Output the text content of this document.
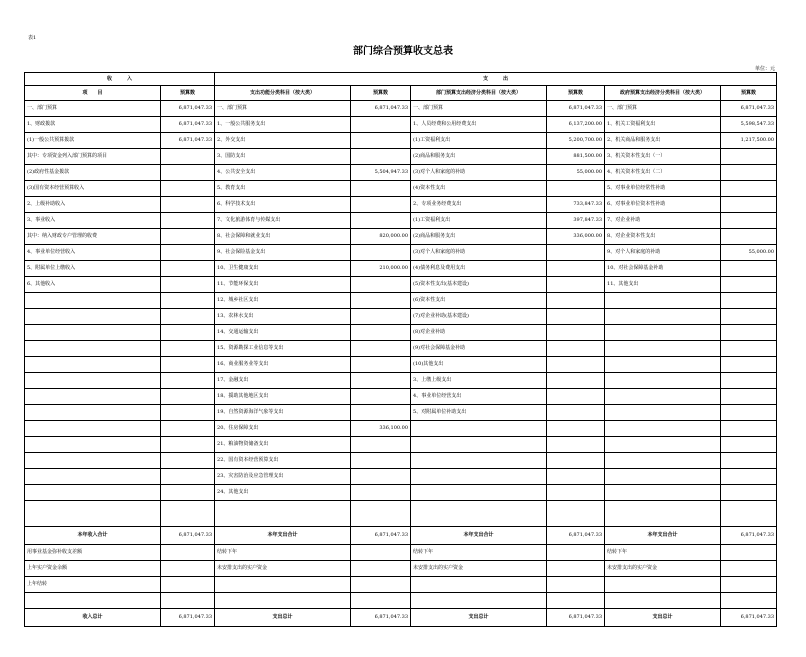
表1
部门综合预算收支总表
单位：元
收　　　入		支　　　出					
项　　目	预算数	支出功能分类科目（按大类）	预算数	部门预算支出经济分类科目（按大类）	预算数	政府预算支出经济分类科目（按大类）	预算数
一、部门预算	6,871,047.33	一、部门预算	6,871,047.33	一、部门预算	6,871,047.33	一、部门预算	6,871,047.33
1、财政拨款	6,871,047.33	1、一般公共服务支出		1、人员经费和公用经费支出	6,137,200.00	1、机关工资福利支出	5,598,547.33
(1)一般公共预算拨款	6,871,047.33	2、外交支出		(1)工资福利支出	5,200,700.00	2、机关商品和服务支出	1,217,500.00
其中：专项资金列入部门预算的项目		3、国防支出		(2)商品和服务支出	881,500.00	3、机关资本性支出（一）	
(2)政府性基金拨款		4、公共安全支出	5,504,947.33	(3)对个人和家庭的补助	55,000.00	4、机关资本性支出（二）	
(3)国有资本经营预算收入		5、教育支出		(4)资本性支出		5、对事业单位经常性补助	
2、上级补助收入		6、科学技术支出		2、专项业务经费支出	733,847.33	6、对事业单位资本性补助	
3、事业收入		7、文化旅游体育与传媒支出		(1)工资福利支出	397,847.33	7、对企业补助	
其中：纳入财政专户管理的收费		8、社会保障和就业支出	820,000.00	(2)商品和服务支出	336,000.00	8、对企业资本性支出	
4、事业单位经营收入		9、社会保险基金支出		(3)对个人和家庭的补助		9、对个人和家庭的补助	55,000.00
5、附属单位上缴收入		10、卫生健康支出	210,000.00	(4)债务利息及费用支出		10、对社会保障基金补助	
6、其他收入		11、节能环保支出		(5)资本性支出(基本建设)		11、其他支出	
		12、城乡社区支出		(6)资本性支出			
		13、农林水支出		(7)对企业补助(基本建设)			
		14、交通运输支出		(8)对企业补助			
		15、资源勘探工业信息等支出		(9)对社会保障基金补助			
		16、商业服务业等支出		(10)其他支出			
		17、金融支出		3、上缴上级支出			
		18、援助其他地区支出		4、事业单位经营支出			
		19、自然资源海洋气象等支出		5、对附属单位补助支出			
		20、住房保障支出	336,100.00				
		21、粮油物资储备支出					
		22、国有资本经营预算支出					
		23、灾害防治及应急管理支出					
		24、其他支出					

本年收入合计	6,871,047.33	本年支出合计	6,871,047.33	本年支出合计	6,871,047.33	本年支出合计	6,871,047.33
用事业基金弥补收支差额		结转下年		结转下年		结转下年	
上年实户资金余额		未安排支出的实户资金		未安排支出的实户资金		未安排支出的实户资金	
上年结转							

收入总计	6,871,047.33	支出总计	6,871,047.33	支出总计	6,871,047.33	支出总计	6,871,047.33
